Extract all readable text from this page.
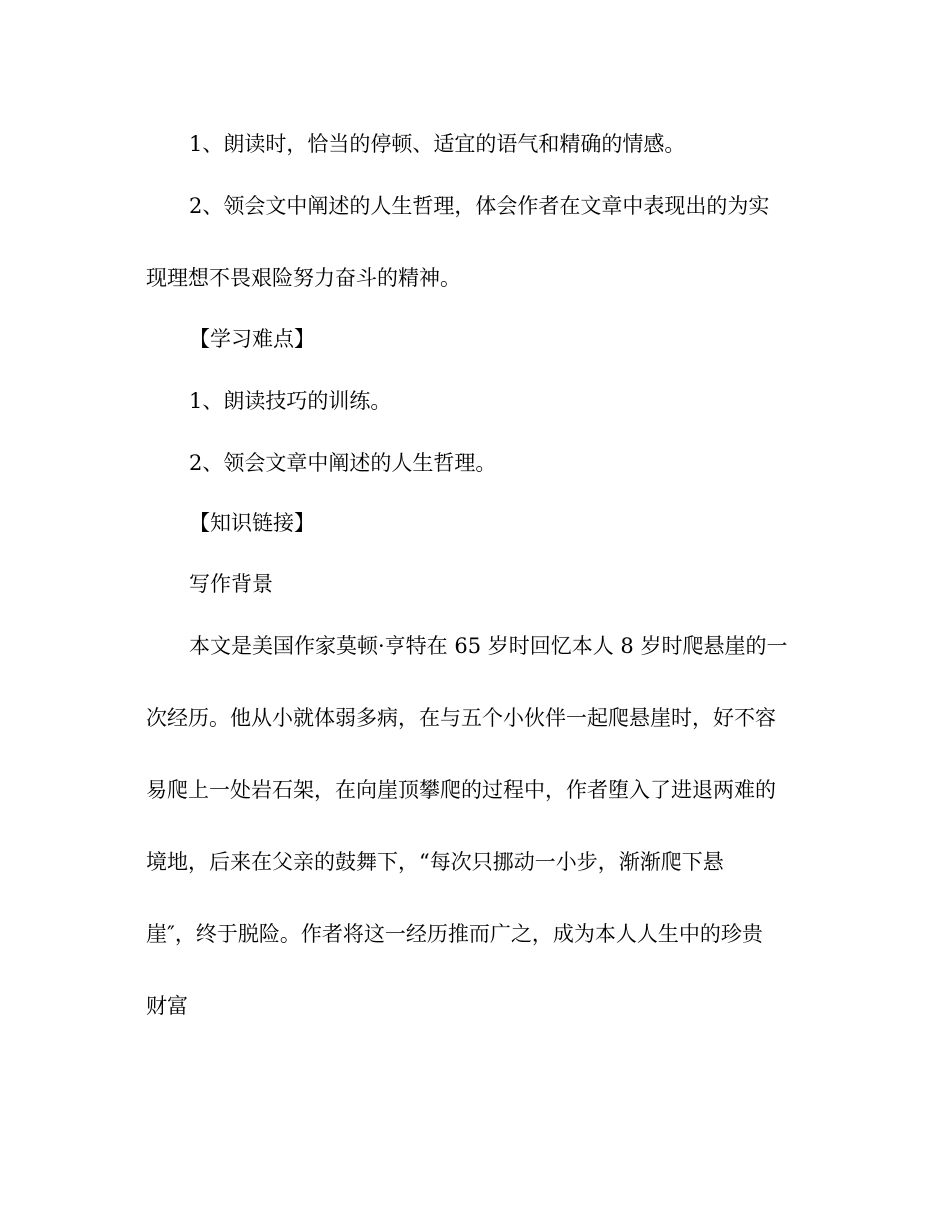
1、朗读时，恰当的停顿、适宜的语气和精确的情感。
2、领会文中阐述的人生哲理，体会作者在文章中表现出的为实
现理想不畏艰险努力奋斗的精神。
【学习难点】
1、朗读技巧的训练。
2、领会文章中阐述的人生哲理。
【知识链接】
写作背景
本文是美国作家莫顿·亨特在 65 岁时回忆本人 8 岁时爬悬崖的一
次经历。他从小就体弱多病，在与五个小伙伴一起爬悬崖时，好不容
易爬上一处岩石架，在向崖顶攀爬的过程中，作者堕入了进退两难的
境地，后来在父亲的鼓舞下，“每次只挪动一小步，渐渐爬下悬
崖″，终于脱险。作者将这一经历推而广之，成为本人人生中的珍贵
财富
